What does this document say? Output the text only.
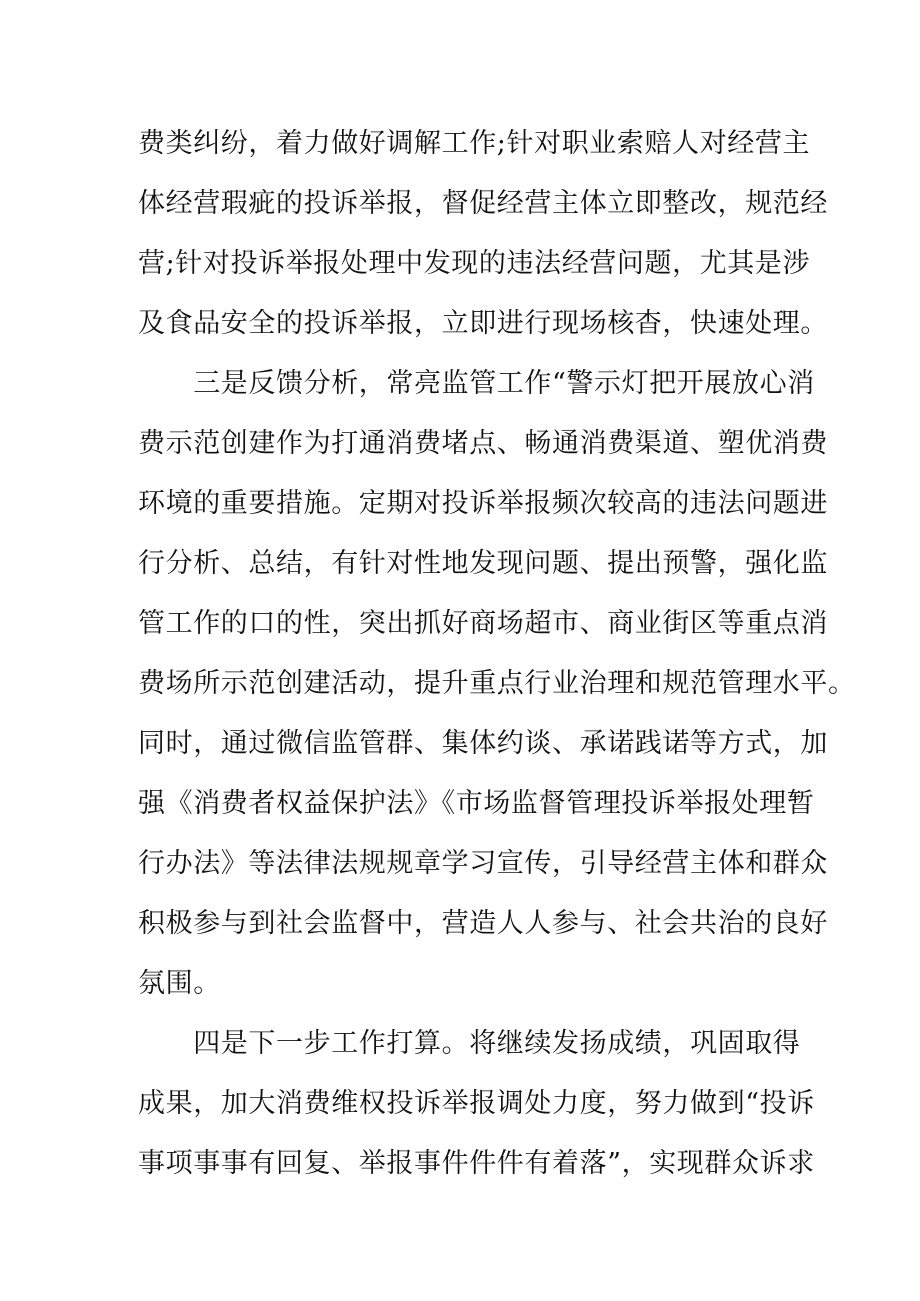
费类纠纷，着力做好调解工作;针对职业索赔人对经营主
体经营瑕疵的投诉举报，督促经营主体立即整改，规范经
营;针对投诉举报处理中发现的违法经营问题，尤其是涉
及食品安全的投诉举报，立即进行现场核杳，快速处理。
　　三是反馈分析，常亮监管工作“警示灯把开展放心消
费示范创建作为打通消费堵点、畅通消费渠道、塑优消费
环境的重要措施。定期对投诉举报频次较高的违法问题进
行分析、总结，有针对性地发现问题、提出预警，强化监
管工作的口的性，突出抓好商场超市、商业街区等重点消
费场所示范创建活动，提升重点行业治理和规范管理水平。
同时，通过微信监管群、集体约谈、承诺践诺等方式，加
强《消费者权益保护法》《市场监督管理投诉举报处理暂
行办法》等法律法规规章学习宣传，引导经营主体和群众
积极参与到社会监督中，营造人人参与、社会共治的良好
氛围。
　　四是下一步工作打算。将继续发扬成绩，巩固取得
成果，加大消费维权投诉举报调处力度，努力做到“投诉
事项事事有回复、举报事件件件有着落”，实现群众诉求
